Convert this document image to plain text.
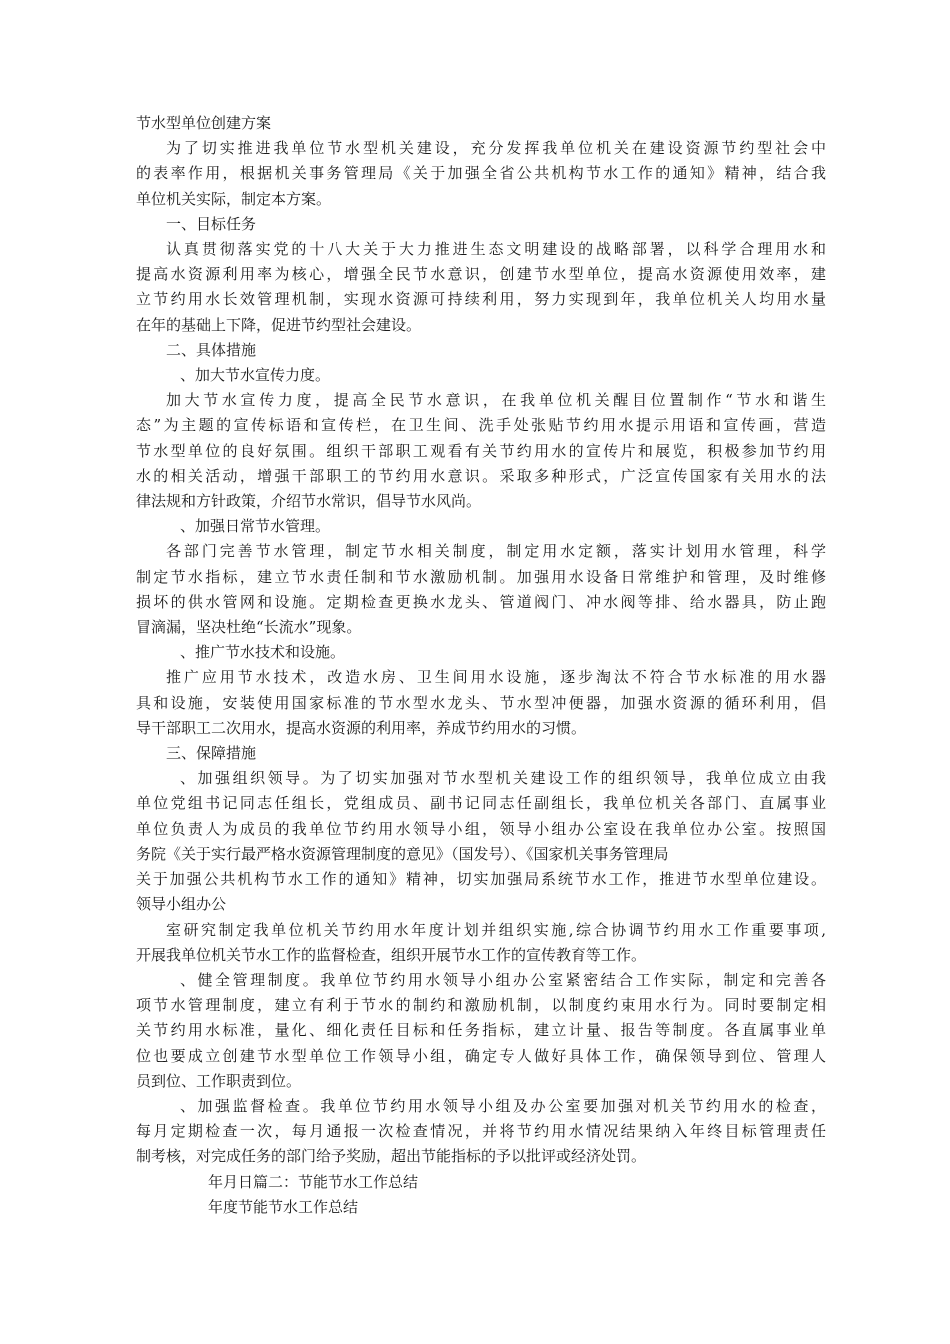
节水型单位创建方案
为了切实推进我单位节水型机关建设，充分发挥我单位机关在建设资源节约型社会中
的表率作用，根据机关事务管理局《关于加强全省公共机构节水工作的通知》精神，结合我
单位机关实际，制定本方案。
一、目标任务
认真贯彻落实党的十八大关于大力推进生态文明建设的战略部署，以科学合理用水和
提高水资源利用率为核心，增强全民节水意识，创建节水型单位，提高水资源使用效率，建
立节约用水长效管理机制，实现水资源可持续利用，努力实现到年，我单位机关人均用水量
在年的基础上下降，促进节约型社会建设。
二、具体措施
、加大节水宣传力度。
加大节水宣传力度，提高全民节水意识，在我单位机关醒目位置制作“节水和谐生
态”为主题的宣传标语和宣传栏，在卫生间、洗手处张贴节约用水提示用语和宣传画，营造
节水型单位的良好氛围。组织干部职工观看有关节约用水的宣传片和展览，积极参加节约用
水的相关活动，增强干部职工的节约用水意识。采取多种形式，广泛宣传国家有关用水的法
律法规和方针政策，介绍节水常识，倡导节水风尚。
、加强日常节水管理。
各部门完善节水管理，制定节水相关制度，制定用水定额，落实计划用水管理，科学
制定节水指标，建立节水责任制和节水激励机制。加强用水设备日常维护和管理，及时维修
损坏的供水管网和设施。定期检查更换水龙头、管道阀门、冲水阀等排、给水器具，防止跑
冒滴漏，坚决杜绝“长流水”现象。
、推广节水技术和设施。
推广应用节水技术，改造水房、卫生间用水设施，逐步淘汰不符合节水标准的用水器
具和设施，安装使用国家标准的节水型水龙头、节水型冲便器，加强水资源的循环利用，倡
导干部职工二次用水，提高水资源的利用率，养成节约用水的习惯。
三、保障措施
、加强组织领导。为了切实加强对节水型机关建设工作的组织领导，我单位成立由我
单位党组书记同志任组长，党组成员、副书记同志任副组长，我单位机关各部门、直属事业
单位负责人为成员的我单位节约用水领导小组，领导小组办公室设在我单位办公室。按照国
务院《关于实行最严格水资源管理制度的意见》（国发号）、《国家机关事务管理局
关于加强公共机构节水工作的通知》精神，切实加强局系统节水工作，推进节水型单位建设。
领导小组办公
室研究制定我单位机关节约用水年度计划并组织实施,综合协调节约用水工作重要事项,
开展我单位机关节水工作的监督检查，组织开展节水工作的宣传教育等工作。
、健全管理制度。我单位节约用水领导小组办公室紧密结合工作实际，制定和完善各
项节水管理制度，建立有利于节水的制约和激励机制，以制度约束用水行为。同时要制定相
关节约用水标准，量化、细化责任目标和任务指标，建立计量、报告等制度。各直属事业单
位也要成立创建节水型单位工作领导小组，确定专人做好具体工作，确保领导到位、管理人
员到位、工作职责到位。
、加强监督检查。我单位节约用水领导小组及办公室要加强对机关节约用水的检查，
每月定期检查一次，每月通报一次检查情况，并将节约用水情况结果纳入年终目标管理责任
制考核，对完成任务的部门给予奖励，超出节能指标的予以批评或经济处罚。
年月日篇二：节能节水工作总结
年度节能节水工作总结
